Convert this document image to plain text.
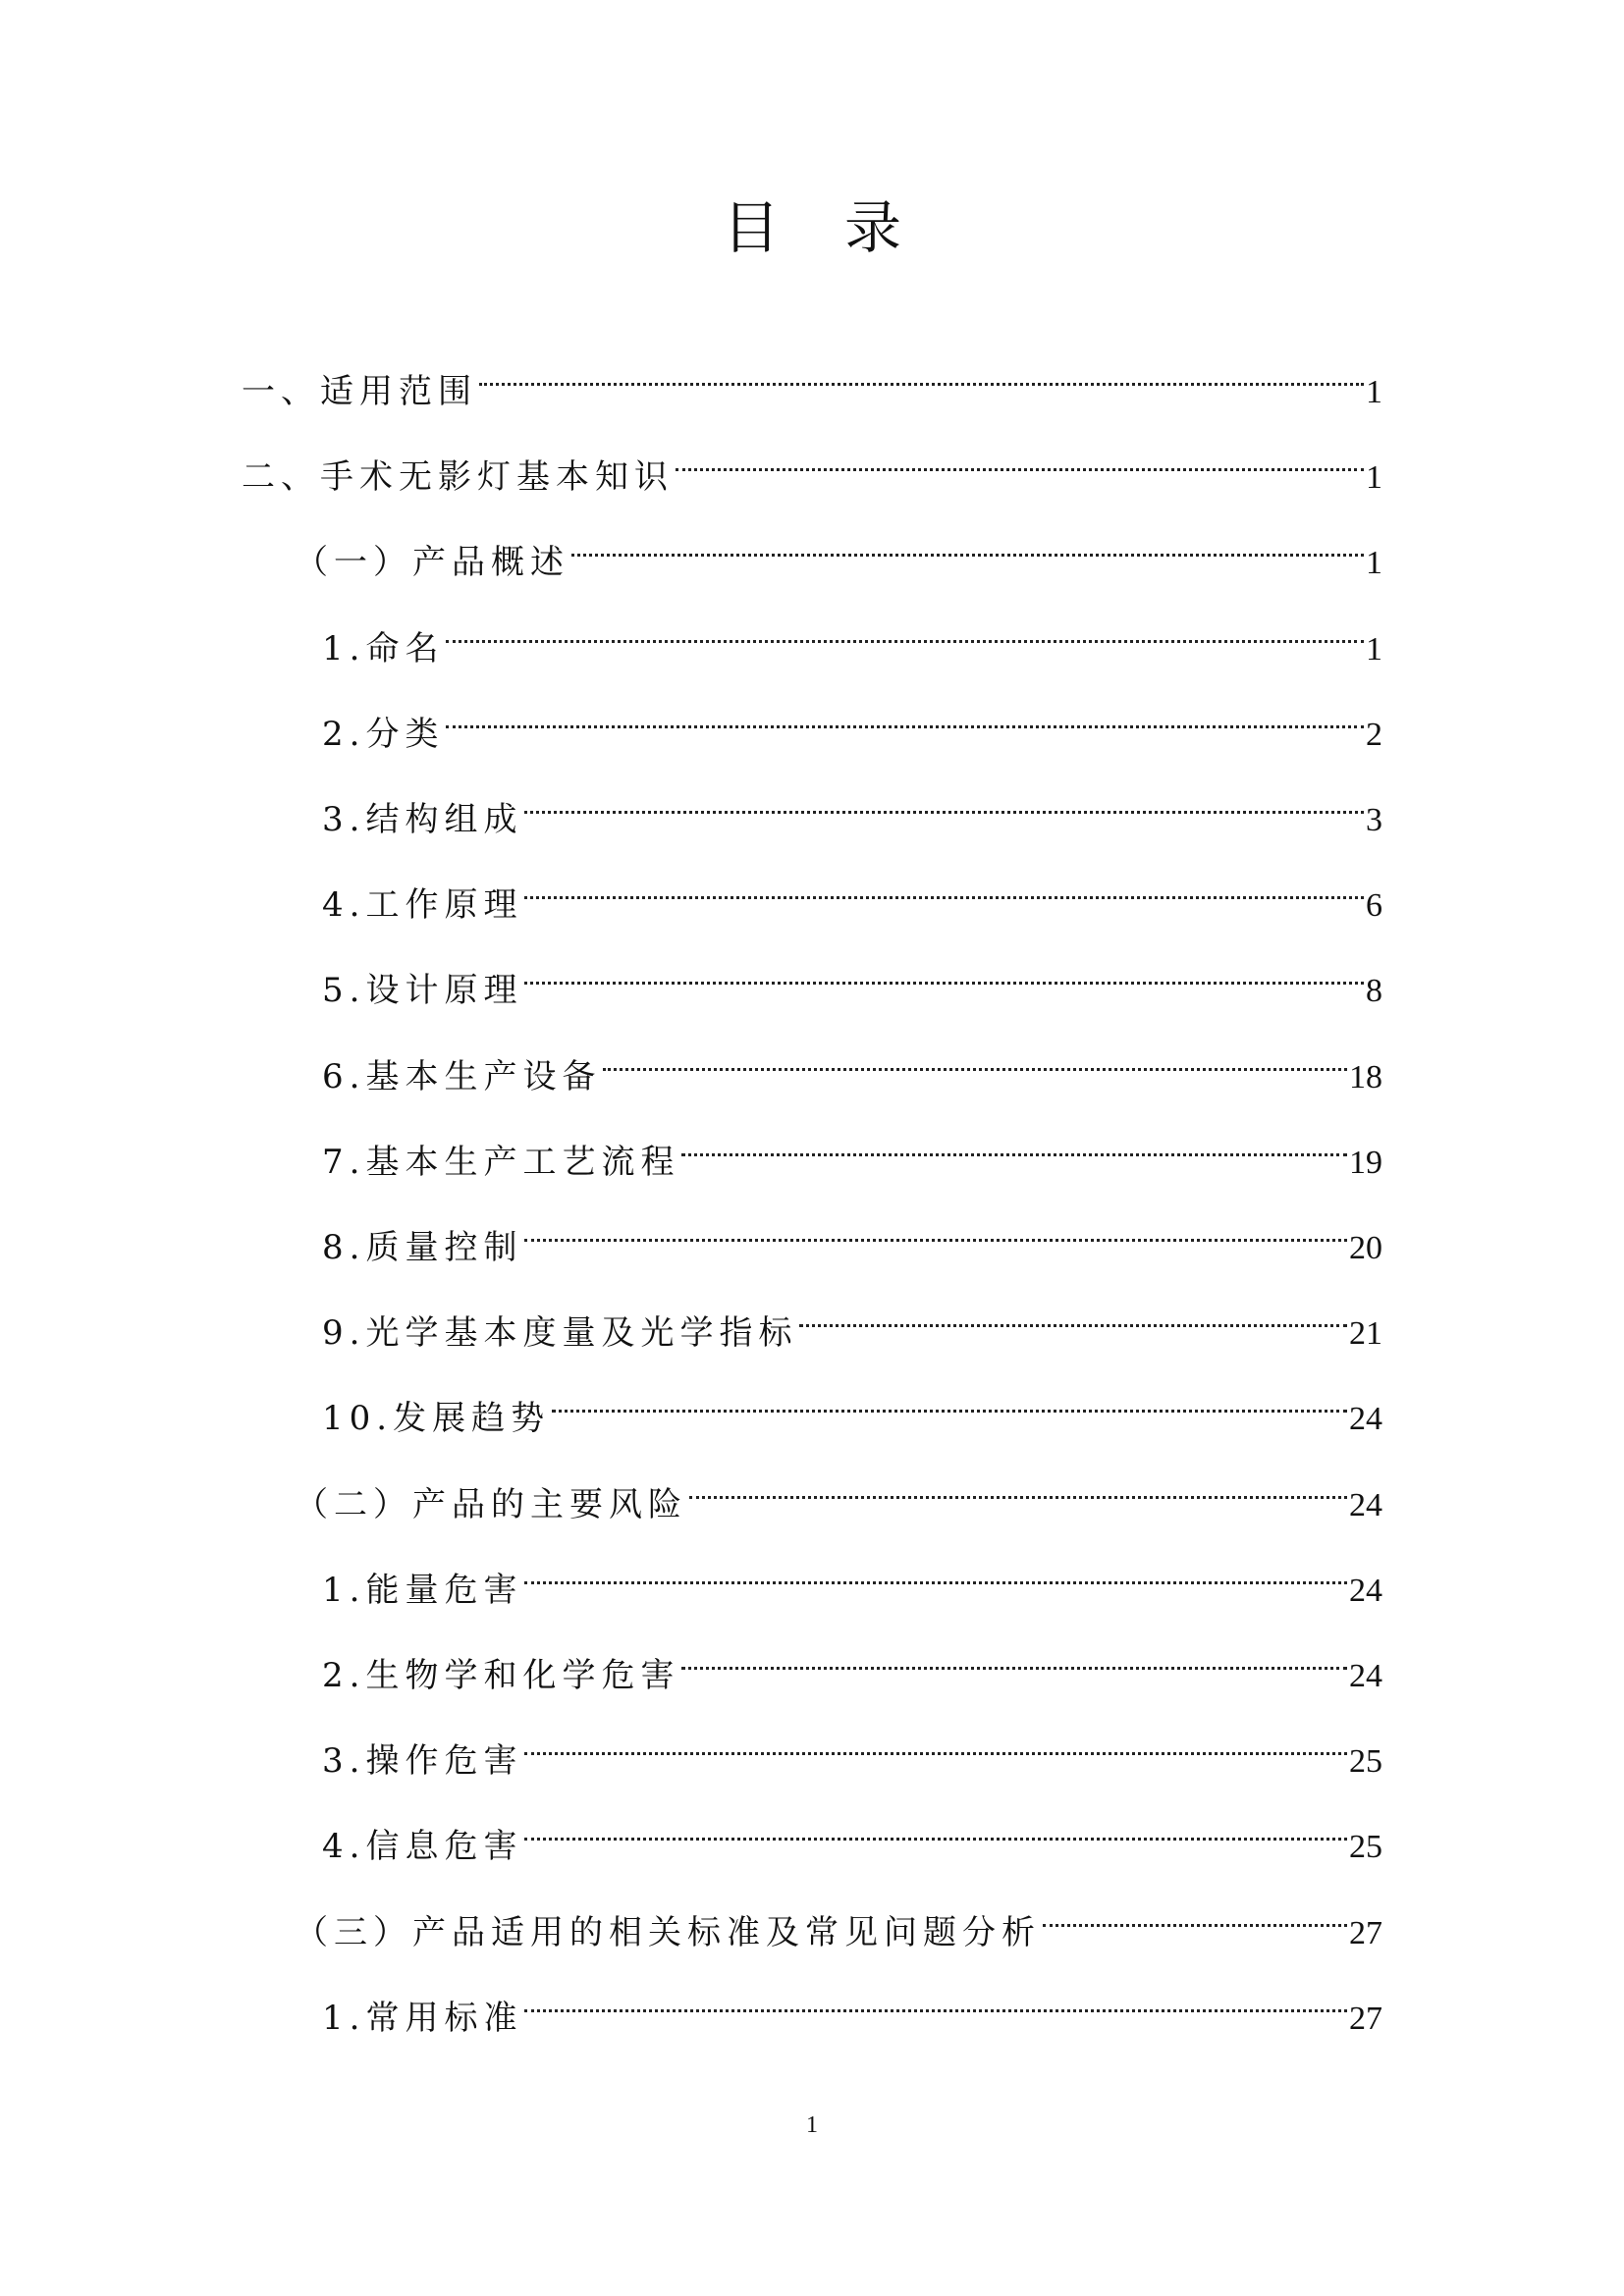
目录
一、适用范围	1
二、手术无影灯基本知识	1
（一）产品概述	1
1.命名	1
2.分类	2
3.结构组成	3
4.工作原理	6
5.设计原理	8
6.基本生产设备	18
7.基本生产工艺流程	19
8.质量控制	20
9.光学基本度量及光学指标	21
10.发展趋势	24
（二）产品的主要风险	24
1.能量危害	24
2.生物学和化学危害	24
3.操作危害	25
4.信息危害	25
（三）产品适用的相关标准及常见问题分析	27
1.常用标准	27
1
